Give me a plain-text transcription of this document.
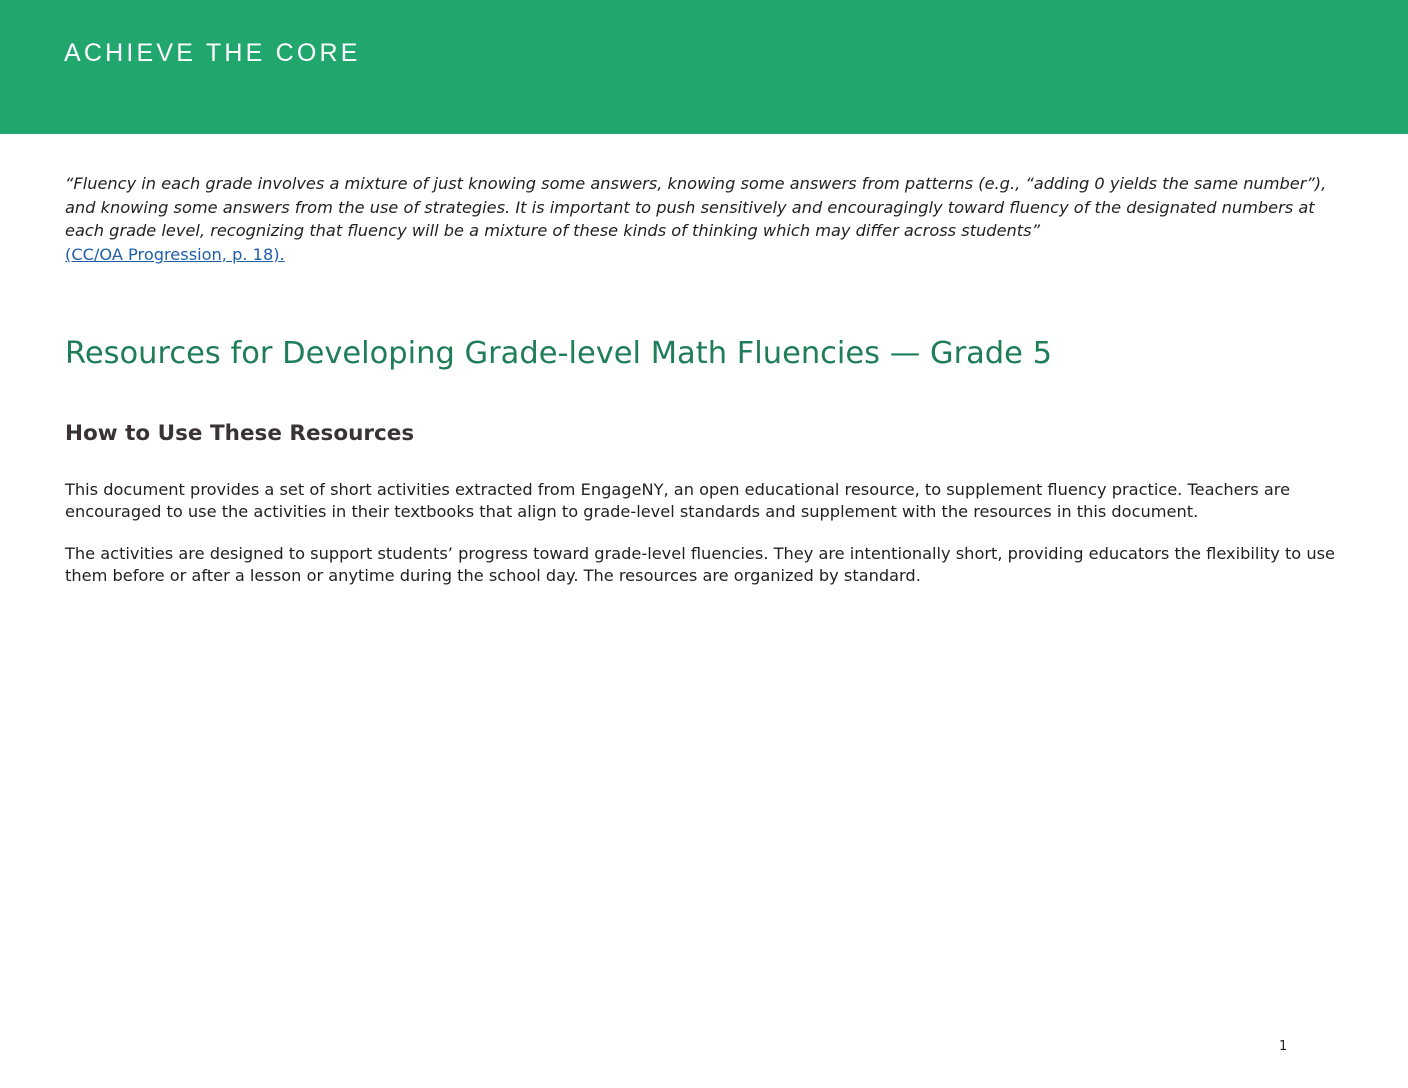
ACHIEVE THE CORE
“Fluency in each grade involves a mixture of just knowing some answers, knowing some answers from patterns (e.g., “adding 0 yields the same number”), and knowing some answers from the use of strategies. It is important to push sensitively and encouragingly toward fluency of the designated numbers at each grade level, recognizing that fluency will be a mixture of these kinds of thinking which may differ across students”
(CC/OA Progression, p. 18).
Resources for Developing Grade-level Math Fluencies — Grade 5
How to Use These Resources

This document provides a set of short activities extracted from EngageNY, an open educational resource, to supplement fluency practice. Teachers are encouraged to use the activities in their textbooks that align to grade-level standards and supplement with the resources in this document.

The activities are designed to support students’ progress toward grade-level fluencies. They are intentionally short, providing educators the flexibility to use them before or after a lesson or anytime during the school day. The resources are organized by standard.

1
